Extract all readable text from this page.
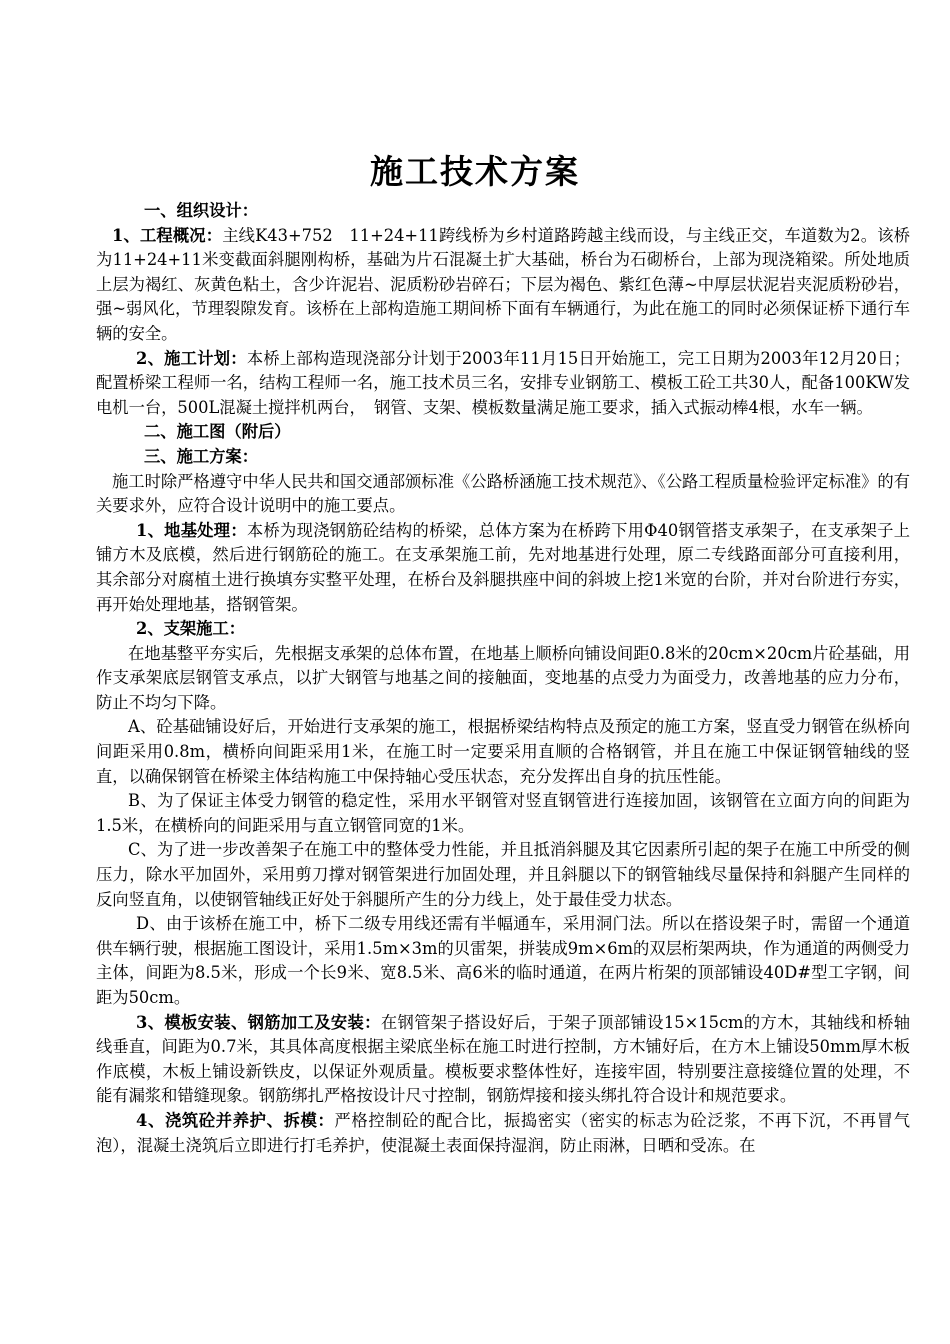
施工技术方案

一、组织设计：

1、工程概况：主线K43+752　11+24+11跨线桥为乡村道路跨越主线而设，与主线正交，车道数为2。该桥为11+24+11米变截面斜腿刚构桥，基础为片石混凝土扩大基础，桥台为石砌桥台，上部为现浇箱梁。所处地质上层为褐红、灰黄色粘土，含少许泥岩、泥质粉砂岩碎石；下层为褐色、紫红色薄~中厚层状泥岩夹泥质粉砂岩，强~弱风化，节理裂隙发育。该桥在上部构造施工期间桥下面有车辆通行，为此在施工的同时必须保证桥下通行车辆的安全。

2、施工计划：本桥上部构造现浇部分计划于2003年11月15日开始施工，完工日期为2003年12月20日；配置桥梁工程师一名，结构工程师一名，施工技术员三名，安排专业钢筋工、模板工砼工共30人，配备100KW发电机一台，500L混凝土搅拌机两台，　钢管、支架、模板数量满足施工要求，插入式振动棒4根，水车一辆。

二、施工图（附后）

三、施工方案：

施工时除严格遵守中华人民共和国交通部颁标准《公路桥涵施工技术规范》、《公路工程质量检验评定标准》的有关要求外，应符合设计说明中的施工要点。

1、地基处理：本桥为现浇钢筋砼结构的桥梁，总体方案为在桥跨下用Φ40钢管搭支承架子，在支承架子上铺方木及底模，然后进行钢筋砼的施工。在支承架施工前，先对地基进行处理，原二专线路面部分可直接利用，其余部分对腐植土进行换填夯实整平处理，在桥台及斜腿拱座中间的斜坡上挖1米宽的台阶，并对台阶进行夯实，再开始处理地基，搭钢管架。

2、支架施工：

在地基整平夯实后，先根据支承架的总体布置，在地基上顺桥向铺设间距0.8米的20cm×20cm片砼基础，用作支承架底层钢管支承点，以扩大钢管与地基之间的接触面，变地基的点受力为面受力，改善地基的应力分布，防止不均匀下降。

A、砼基础铺设好后，开始进行支承架的施工，根据桥梁结构特点及预定的施工方案，竖直受力钢管在纵桥向间距采用0.8m，横桥向间距采用1米，在施工时一定要采用直顺的合格钢管，并且在施工中保证钢管轴线的竖直，以确保钢管在桥梁主体结构施工中保持轴心受压状态，充分发挥出自身的抗压性能。

B、为了保证主体受力钢管的稳定性，采用水平钢管对竖直钢管进行连接加固，该钢管在立面方向的间距为1.5米，在横桥向的间距采用与直立钢管同宽的1米。

C、为了进一步改善架子在施工中的整体受力性能，并且抵消斜腿及其它因素所引起的架子在施工中所受的侧压力，除水平加固外，采用剪刀撑对钢管架进行加固处理，并且斜腿以下的钢管轴线尽量保持和斜腿产生同样的反向竖直角，以使钢管轴线正好处于斜腿所产生的分力线上，处于最佳受力状态。

D、由于该桥在施工中，桥下二级专用线还需有半幅通车，采用洞门法。所以在搭设架子时，需留一个通道供车辆行驶，根据施工图设计，采用1.5m×3m的贝雷架，拼装成9m×6m的双层桁架两块，作为通道的两侧受力主体，间距为8.5米，形成一个长9米、宽8.5米、高6米的临时通道，在两片桁架的顶部铺设40D#型工字钢，间距为50cm。

3、模板安装、钢筋加工及安装：在钢管架子搭设好后，于架子顶部铺设15×15cm的方木，其轴线和桥轴线垂直，间距为0.7米，其具体高度根据主梁底坐标在施工时进行控制，方木铺好后，在方木上铺设50mm厚木板作底模，木板上铺设新铁皮，以保证外观质量。模板要求整体性好，连接牢固，特别要注意接缝位置的处理，不能有漏浆和错缝现象。钢筋绑扎严格按设计尺寸控制，钢筋焊接和接头绑扎符合设计和规范要求。

4、浇筑砼并养护、拆模：严格控制砼的配合比，振捣密实（密实的标志为砼泛浆，不再下沉，不再冒气泡），混凝土浇筑后立即进行打毛养护，使混凝土表面保持湿润，防止雨淋，日晒和受冻。在
